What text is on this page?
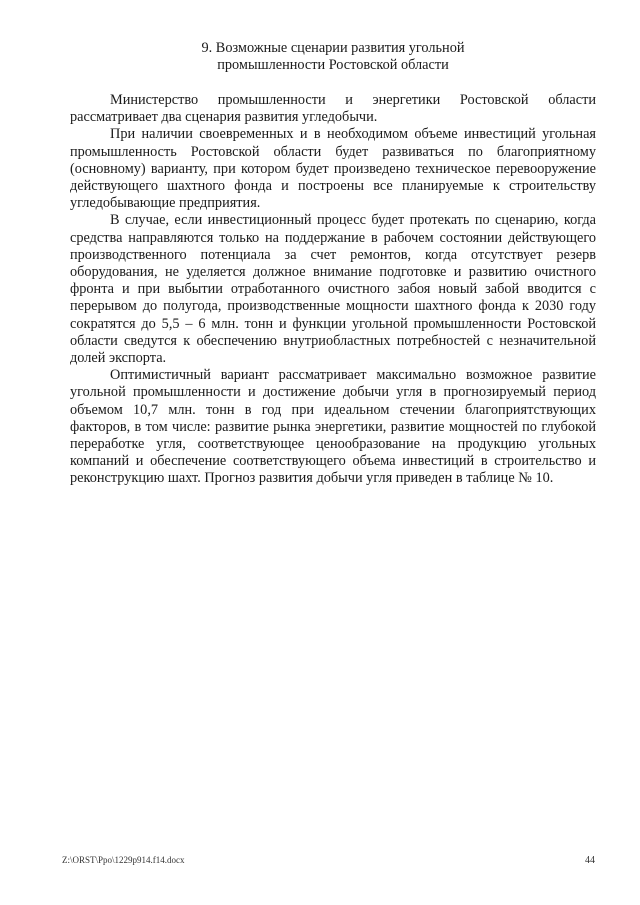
9. Возможные сценарии развития угольной
промышленности Ростовской области

Министерство промышленности и энергетики Ростовской области рассматривает два сценария развития угледобычи.

При наличии своевременных и в необходимом объеме инвестиций угольная промышленность Ростовской области будет развиваться по благоприятному (основному) варианту, при котором будет произведено техническое перевооружение действующего шахтного фонда и построены все планируемые к строительству угледобывающие предприятия.

В случае, если инвестиционный процесс будет протекать по сценарию, когда средства направляются только на поддержание в рабочем состоянии действующего производственного потенциала за счет ремонтов, когда отсутствует резерв оборудования, не уделяется должное внимание подготовке и развитию очистного фронта и при выбытии отработанного очистного забоя новый забой вводится с перерывом до полугода, производственные мощности шахтного фонда к 2030 году сократятся до 5,5 – 6 млн. тонн и функции угольной промышленности Ростовской области сведутся к обеспечению внутриобластных потребностей с незначительной долей экспорта.

Оптимистичный вариант рассматривает максимально возможное развитие угольной промышленности и достижение добычи угля в прогнозируемый период объемом 10,7 млн. тонн в год при идеальном стечении благоприятствующих факторов, в том числе: развитие рынка энергетики, развитие мощностей по глубокой переработке угля, соответствующее ценообразование на продукцию угольных компаний и обеспечение соответствующего объема инвестиций в строительство и реконструкцию шахт. Прогноз развития добычи угля приведен в таблице № 10.

Z:\ORST\Ppo\1229p914.f14.docx	44
